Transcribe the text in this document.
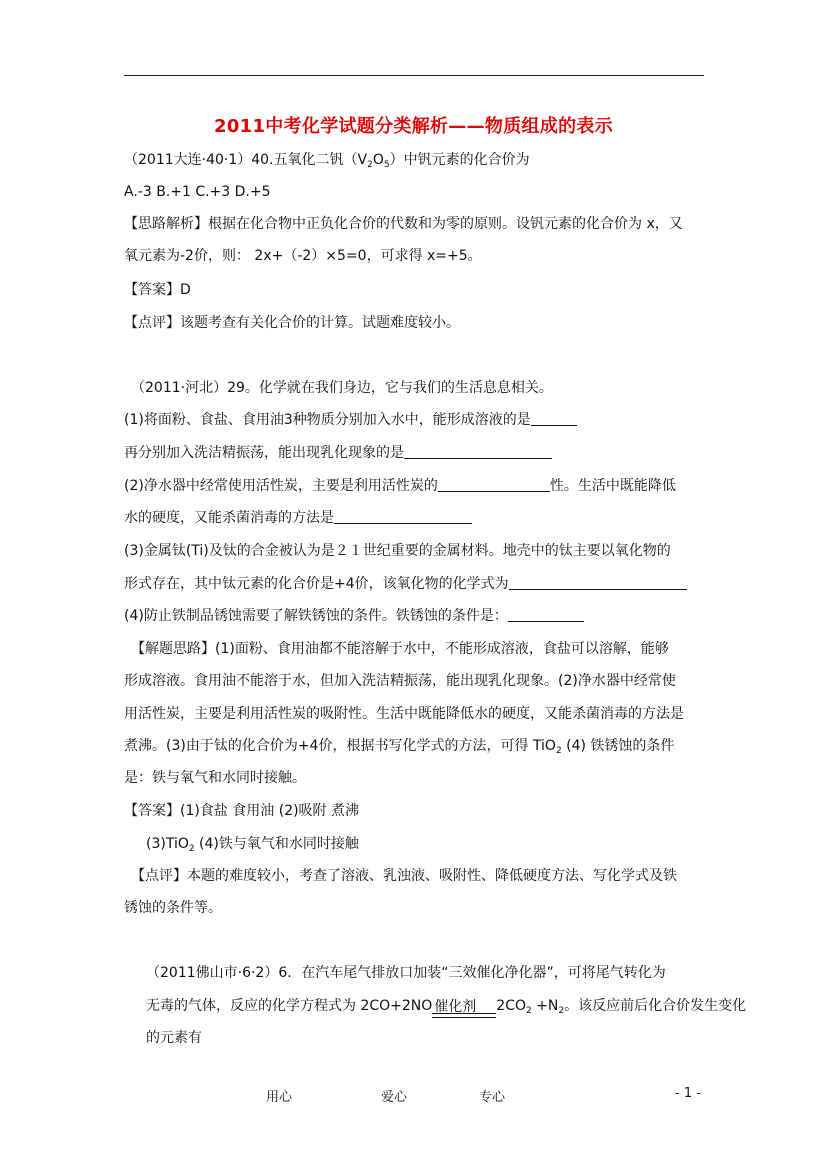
2011中考化学试题分类解析——物质组成的表示
（2011大连·40·1）40.五氧化二钒$(V_2O_5)$中钒元素的化合价为
A.-3 B.+1 C.+3 D.+5
【思路解析】根据在化合物中正负化合价的代数和为零的原则。设钒元素的化合价为 x，又
氧元素为-2价，则： 2x+（-2）×5=0，可求得 x=+5。
【答案】D
【点评】该题考查有关化合价的计算。试题难度较小。
（2011·河北）29。化学就在我们身边，它与我们的生活息息相关。
(1)将面粉、食盐、食用油3种物质分别加入水中，能形成溶液的是
再分别加入洗洁精振荡，能出现乳化现象的是
(2)净水器中经常使用活性炭，主要是利用活性炭的	性。生活中既能降低
水的硬度，又能杀菌消毒的方法是
(3)金属钛(Ti)及钛的合金被认为是２１世纪重要的金属材料。地壳中的钛主要以氧化物的
形式存在，其中钛元素的化合价是+4价，该氧化物的化学式为
(4)防止铁制品锈蚀需要了解铁锈蚀的条件。铁锈蚀的条件是：
【解题思路】(1)面粉、食用油都不能溶解于水中，不能形成溶液，食盐可以溶解，能够
形成溶液。食用油不能溶于水，但加入洗洁精振荡，能出现乳化现象。(2)净水器中经常使
用活性炭，主要是利用活性炭的吸附性。生活中既能降低水的硬度，又能杀菌消毒的方法是
煮沸。(3)由于钛的化合价为+4价，根据书写化学式的方法，可得 TiO$_2$ (4) 铁锈蚀的条件
是：铁与氧气和水同时接触。
【答案】(1)食盐 食用油 (2)吸附 煮沸
(3)TiO$_2$ (4)铁与氧气和水同时接触
【点评】本题的难度较小，考查了溶液、乳浊液、吸附性、降低硬度方法、写化学式及铁
锈蚀的条件等。
（2011佛山市·6·2）6．在汽车尾气排放口加装“三效催化净化器”，可将尾气转化为
无毒的气体，反应的化学方程式为 2CO+2NO 催化剂 $2CO_2 +N_2$。该反应前后化合价发生变化
的元素有
用心	爱心	专心	- 1 -
